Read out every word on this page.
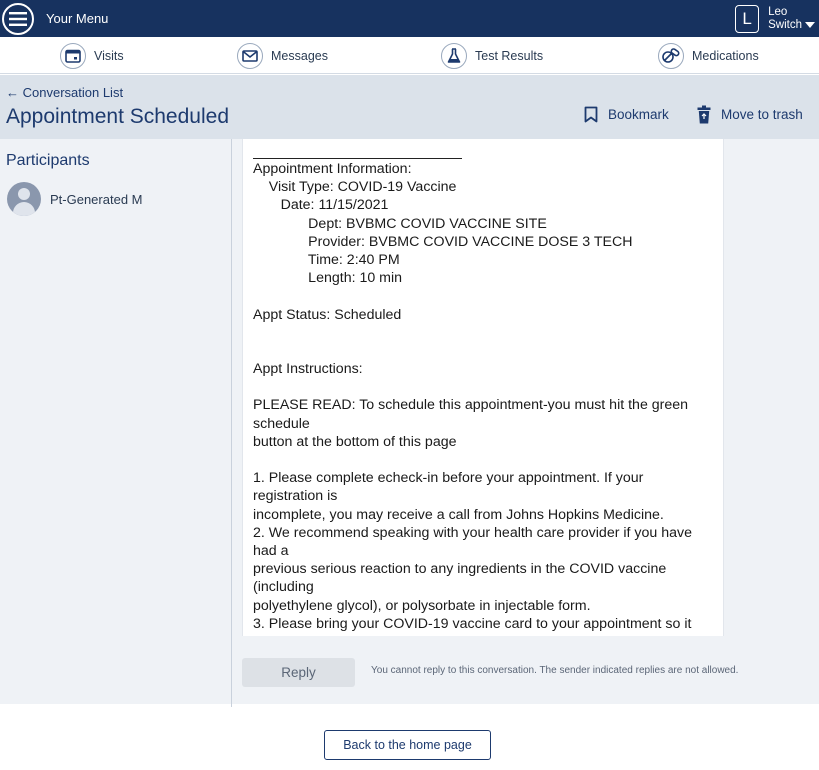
Your Menu	L	Leo
Switch
Visits	Messages	Test Results	Medications
← Conversation List
Appointment Scheduled	Bookmark	Move to trash
Participants
Pt-Generated M
Appointment Information:
Visit Type: COVID-19 Vaccine
Date: 11/15/2021
Dept: BVBMC COVID VACCINE SITE
Provider: BVBMC COVID VACCINE DOSE 3 TECH
Time: 2:40 PM
Length: 10 min
Appt Status: Scheduled
Appt Instructions:
PLEASE READ: To schedule this appointment-you must hit the green
schedule
button at the bottom of this page
1. Please complete echeck-in before your appointment. If your
registration is
incomplete, you may receive a call from Johns Hopkins Medicine.
2. We recommend speaking with your health care provider if you have
had a
previous serious reaction to any ingredients in the COVID vaccine
(including
polyethylene glycol), or polysorbate in injectable form.
3. Please bring your COVID-19 vaccine card to your appointment so it
Reply	You cannot reply to this conversation. The sender indicated replies are not allowed.
Back to the home page
